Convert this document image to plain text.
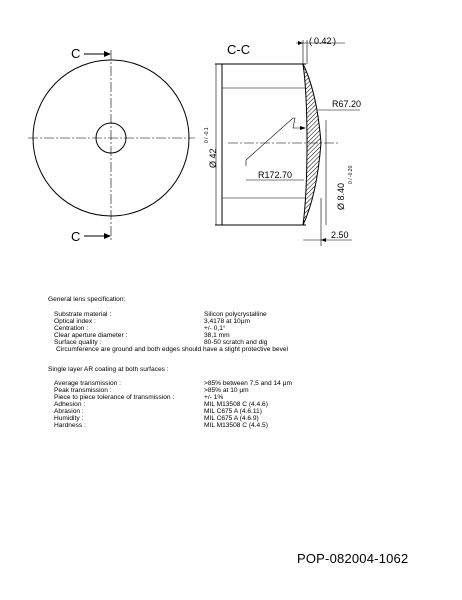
C
C
C-C
( 0.42 )
R67.20
R172.70
Ø 42
0 / -0.1
Ø 8.40
0 / -0.20
2.50
General lens specification:
Substrate material :	Silicon polycrystalline
Optical index :	3,4178 at 10µm
Centration :	+/- 0,1°
Clear aperture diameter :	38,1 mm
Surface quality :	80-50 scratch and dig
Circumference are ground and both edges should have a slight protective bevel
Single layer AR coating at both surfaces :
Average transmission :	>85% between 7,5 and 14 µm
Peak transmission :	>85% at 10 µm
Piece to piece tolerance of transmission :	+/- 1%
Adhesion :	MIL M13508 C (4.4.6)
Abrasion :	MIL C675 A (4.6.11)
Humidity :	MIL C675 A (4.6.9)
Hardness :	MIL M13508 C (4.4.5)
POP-082004-1062
